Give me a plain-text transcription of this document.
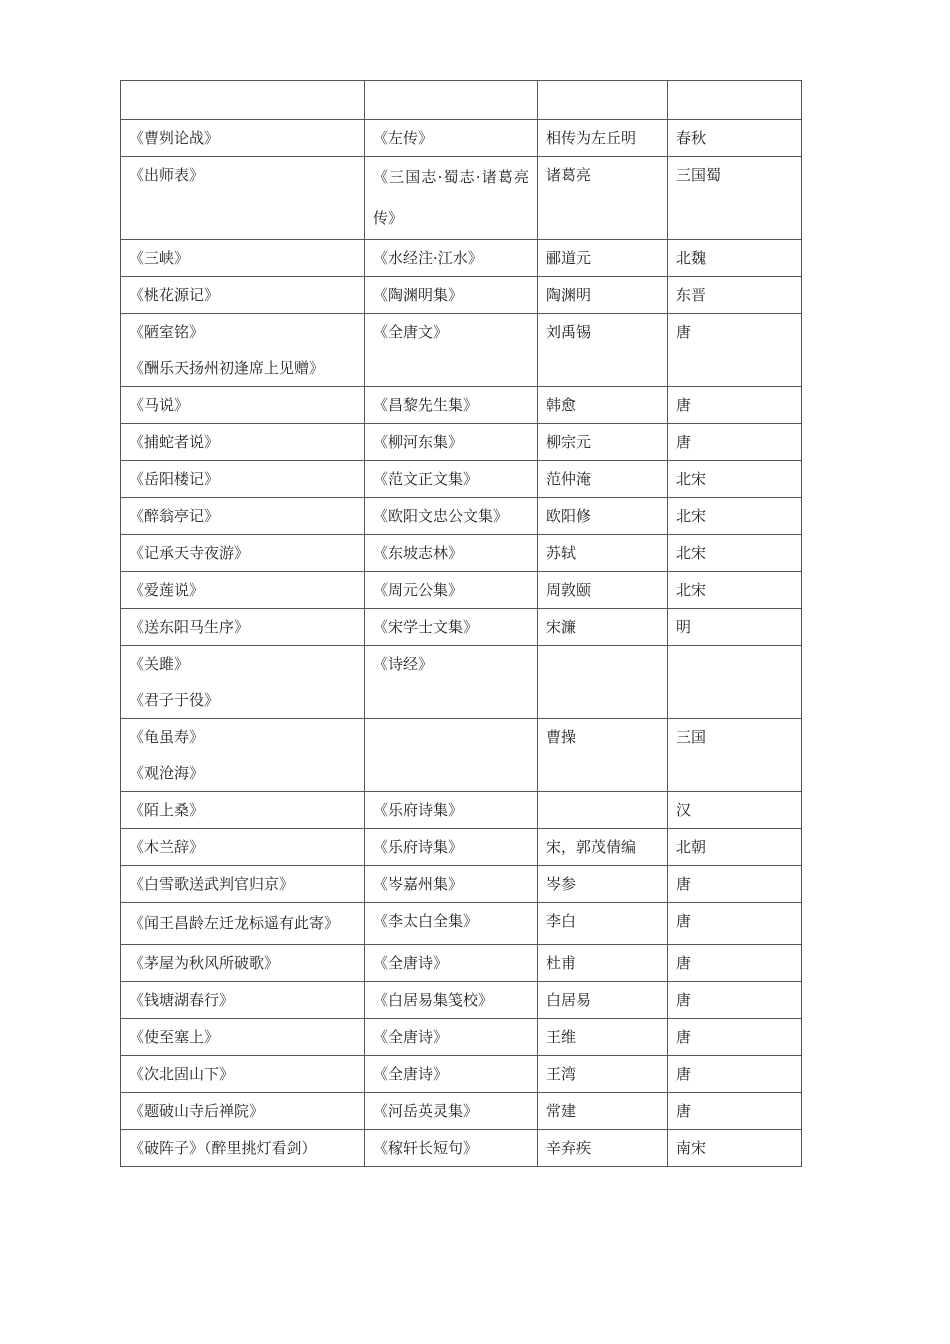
《曹刿论战》	《左传》	相传为左丘明	春秋

《出师表》	《三国志·蜀志·诸葛亮传》	诸葛亮	三国蜀

《三峡》	《水经注·江水》	郦道元	北魏

《桃花源记》	《陶渊明集》	陶渊明	东晋

《陋室铭》
《酬乐天扬州初逢席上见赠》	《全唐文》	刘禹锡	唐

《马说》	《昌黎先生集》	韩愈	唐

《捕蛇者说》	《柳河东集》	柳宗元	唐

《岳阳楼记》	《范文正文集》	范仲淹	北宋

《醉翁亭记》	《欧阳文忠公文集》	欧阳修	北宋

《记承天寺夜游》	《东坡志林》	苏轼	北宋

《爱莲说》	《周元公集》	周敦颐	北宋

《送东阳马生序》	《宋学士文集》	宋濂	明

《关雎》
《君子于役》	《诗经》		

《龟虽寿》
《观沧海》		曹操	三国

《陌上桑》	《乐府诗集》		汉

《木兰辞》	《乐府诗集》	宋，郭茂倩编	北朝

《白雪歌送武判官归京》	《岑嘉州集》	岑参	唐

《闻王昌龄左迁龙标遥有此寄》	《李太白全集》	李白	唐

《茅屋为秋风所破歌》	《全唐诗》	杜甫	唐

《钱塘湖春行》	《白居易集笺校》	白居易	唐

《使至塞上》	《全唐诗》	王维	唐

《次北固山下》	《全唐诗》	王湾	唐

《题破山寺后禅院》	《河岳英灵集》	常建	唐

《破阵子》（醉里挑灯看剑）	《稼轩长短句》	辛弃疾	南宋
